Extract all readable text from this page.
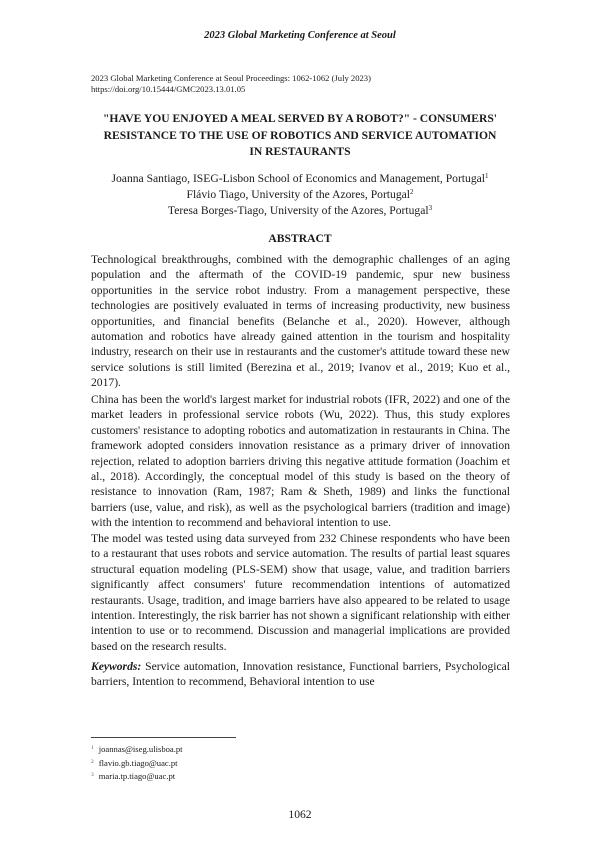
2023 Global Marketing Conference at Seoul
2023 Global Marketing Conference at Seoul Proceedings: 1062-1062 (July 2023)
https://doi.org/10.15444/GMC2023.13.01.05
"HAVE YOU ENJOYED A MEAL SERVED BY A ROBOT?" - CONSUMERS'
RESISTANCE TO THE USE OF ROBOTICS AND SERVICE AUTOMATION
IN RESTAURANTS
Joanna Santiago, ISEG-Lisbon School of Economics and Management, Portugal$^1$
Flávio Tiago, University of the Azores, Portugal$^2$
Teresa Borges-Tiago, University of the Azores, Portugal$^3$
ABSTRACT

Technological breakthroughs, combined with the demographic challenges of an aging population and the aftermath of the COVID-19 pandemic, spur new business opportunities in the service robot industry. From a management perspective, these technologies are positively evaluated in terms of increasing productivity, new business opportunities, and financial benefits (Belanche et al., 2020). However, although automation and robotics have already gained attention in the tourism and hospitality industry, research on their use in restaurants and the customer's attitude toward these new service solutions is still limited (Berezina et al., 2019; Ivanov et al., 2019; Kuo et al., 2017).

China has been the world's largest market for industrial robots (IFR, 2022) and one of the market leaders in professional service robots (Wu, 2022). Thus, this study explores customers' resistance to adopting robotics and automatization in restaurants in China. The framework adopted considers innovation resistance as a primary driver of innovation rejection, related to adoption barriers driving this negative attitude formation (Joachim et al., 2018). Accordingly, the conceptual model of this study is based on the theory of resistance to innovation (Ram, 1987; Ram & Sheth, 1989) and links the functional barriers (use, value, and risk), as well as the psychological barriers (tradition and image) with the intention to recommend and behavioral intention to use.

The model was tested using data surveyed from 232 Chinese respondents who have been to a restaurant that uses robots and service automation. The results of partial least squares structural equation modeling (PLS-SEM) show that usage, value, and tradition barriers significantly affect consumers' future recommendation intentions of automatized restaurants. Usage, tradition, and image barriers have also appeared to be related to usage intention. Interestingly, the risk barrier has not shown a significant relationship with either intention to use or to recommend. Discussion and managerial implications are provided based on the research results.

Keywords: Service automation, Innovation resistance, Functional barriers, Psychological barriers, Intention to recommend, Behavioral intention to use

$^1$ joannas@iseg.ulisboa.pt
$^2$ flavio.gb.tiago@uac.pt
$^3$ maria.tp.tiago@uac.pt
1062
